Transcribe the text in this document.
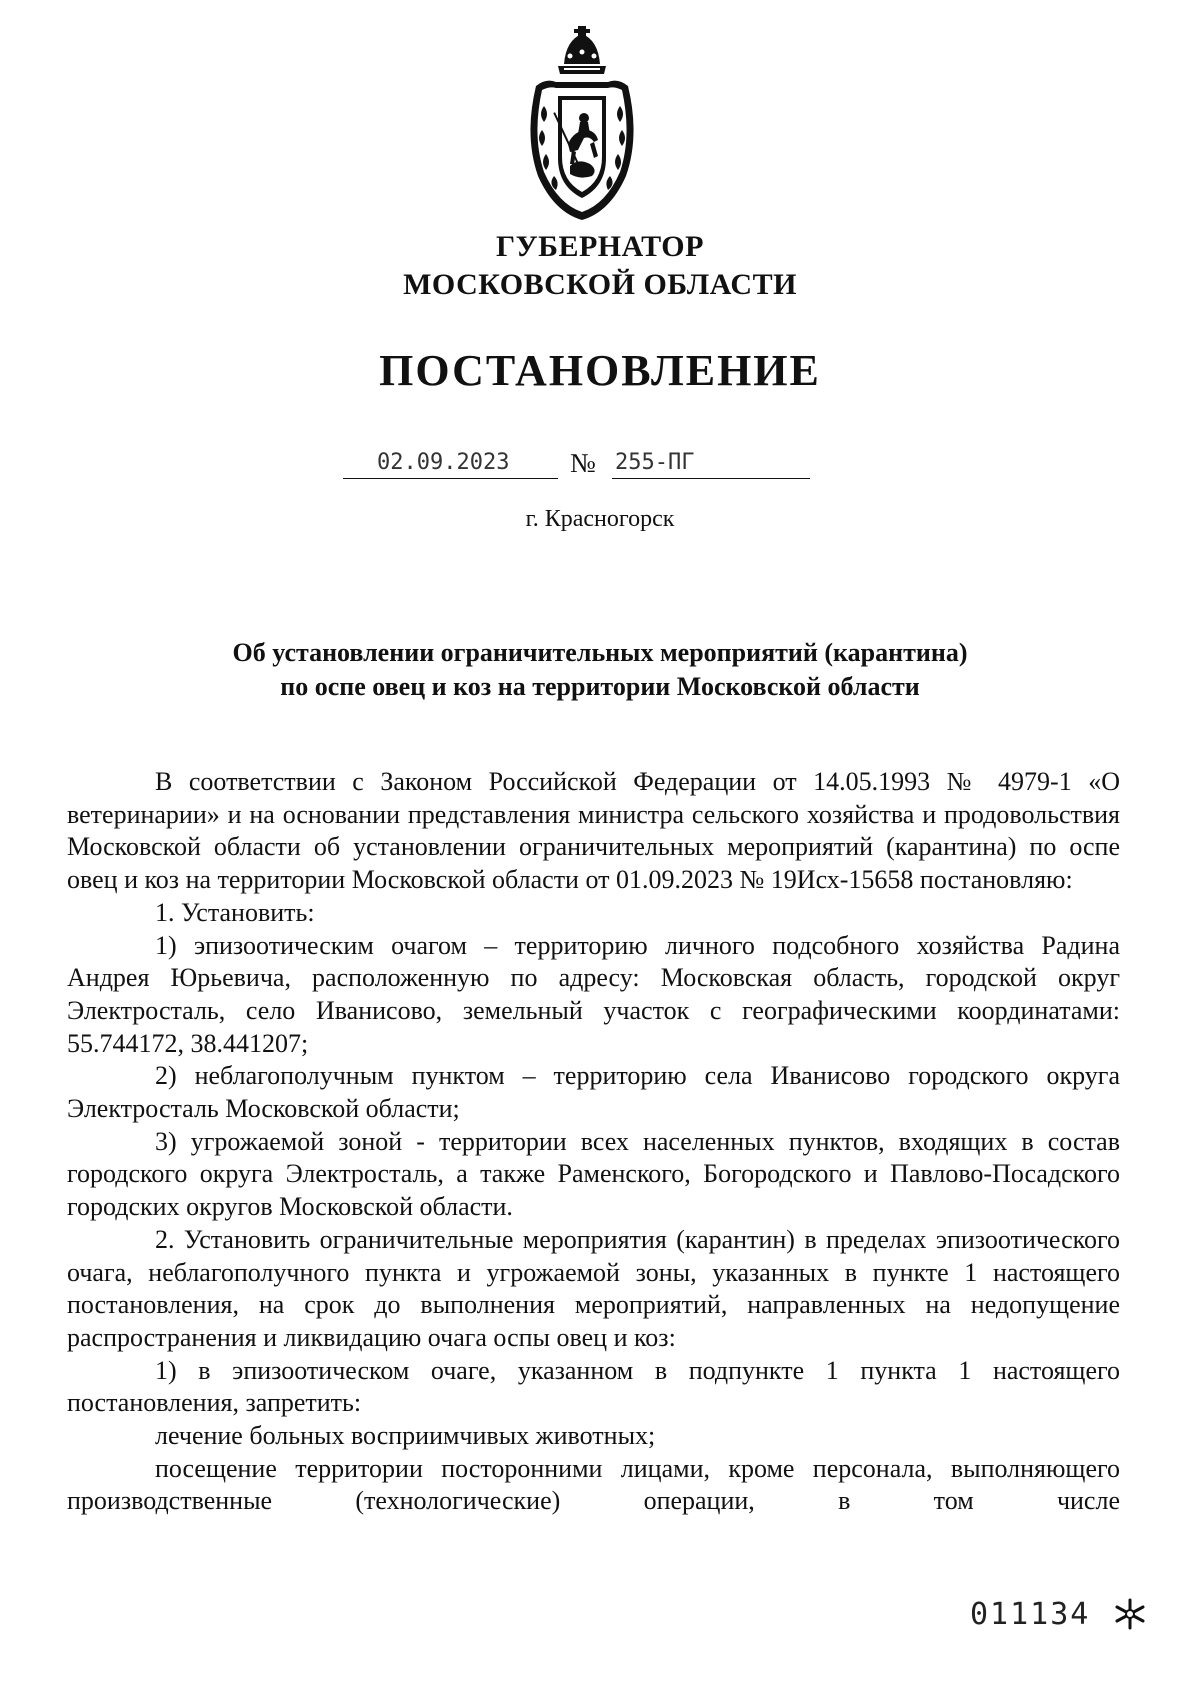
ГУБЕРНАТОР
МОСКОВСКОЙ ОБЛАСТИ
ПОСТАНОВЛЕНИЕ
02.09.2023 № 255-ПГ
г. Красногорск
Об установлении ограничительных мероприятий (карантина)
по оспе овец и коз на территории Московской области

В соответствии с Законом Российской Федерации от 14.05.1993 № 4979-1 «О ветеринарии» и на основании представления министра сельского хозяйства и продовольствия Московской области об установлении ограничительных мероприятий (карантина) по оспе овец и коз на территории Московской области от 01.09.2023 № 19Исх-15658 постановляю:

1. Установить:

1) эпизоотическим очагом – территорию личного подсобного хозяйства Радина Андрея Юрьевича, расположенную по адресу: Московская область, городской округ Электросталь, село Иванисово, земельный участок с географическими координатами: 55.744172, 38.441207;

2) неблагополучным пунктом – территорию села Иванисово городского округа Электросталь Московской области;

3) угрожаемой зоной - территории всех населенных пунктов, входящих в состав городского округа Электросталь, а также Раменского, Богородского и Павлово-Посадского городских округов Московской области.

2. Установить ограничительные мероприятия (карантин) в пределах эпизоотического очага, неблагополучного пункта и угрожаемой зоны, указанных в пункте 1 настоящего постановления, на срок до выполнения мероприятий, направленных на недопущение распространения и ликвидацию очага оспы овец и коз:

1) в эпизоотическом очаге, указанном в подпункте 1 пункта 1 настоящего постановления, запретить:

лечение больных восприимчивых животных;

посещение территории посторонними лицами, кроме персонала, выполняющего производственные (технологические) операции, в том числе

011134
